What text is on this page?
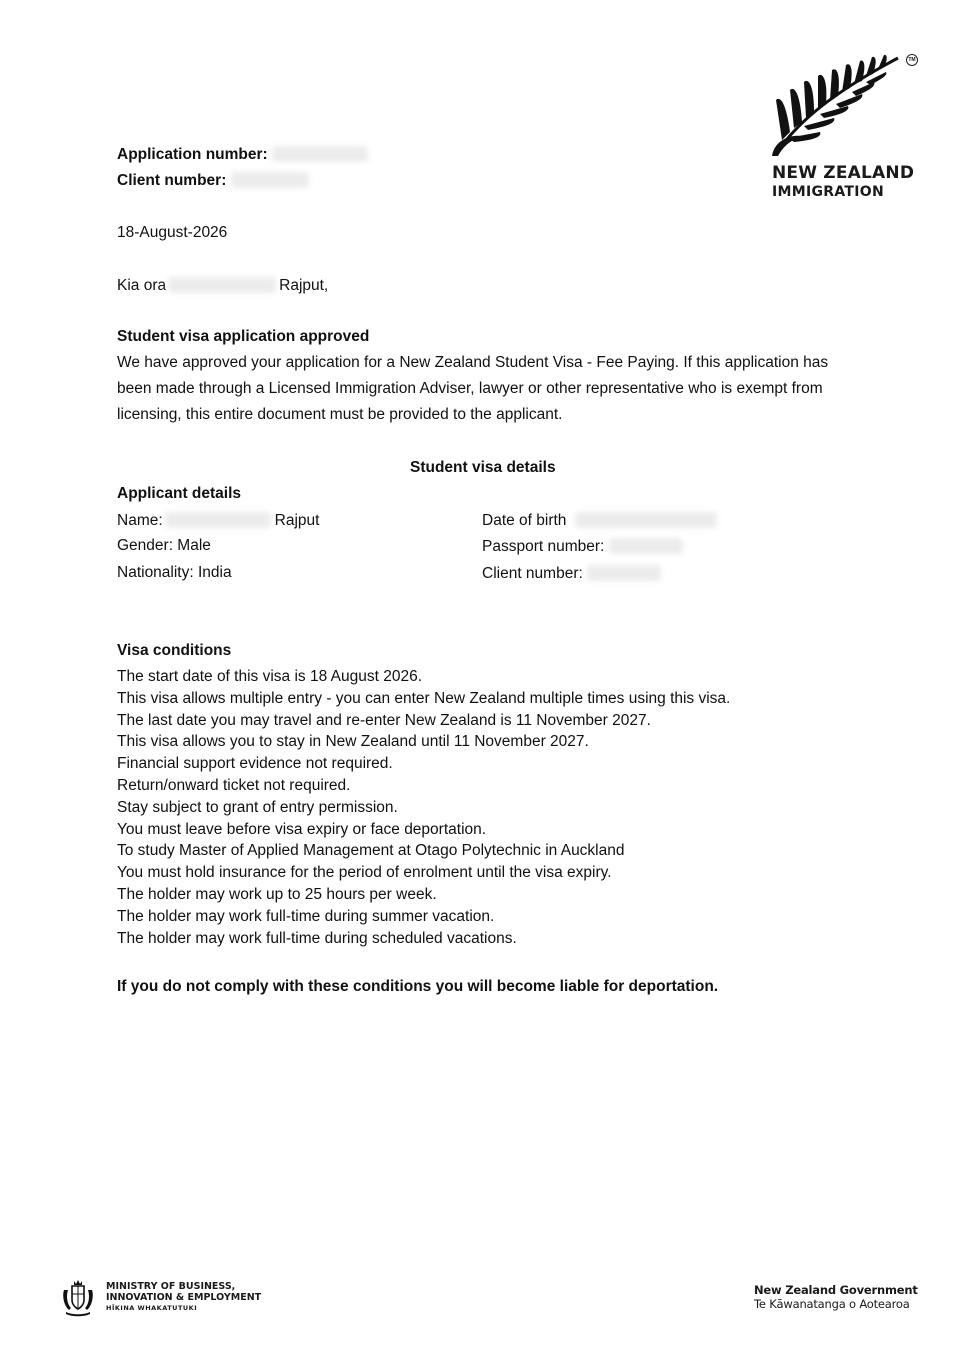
TM
NEW ZEALAND
IMMIGRATION
Application number:
Client number:
18-August-2026
Kia ora	Rajput,
Student visa application approved
We have approved your application for a New Zealand Student Visa - Fee Paying. If this application has been made through a Licensed Immigration Adviser, lawyer or other representative who is exempt from licensing, this entire document must be provided to the applicant.
Student visa details
Applicant details
Name:	Rajput
Gender: Male
Nationality: India
Date of birth
Passport number:
Client number:
Visa conditions
The start date of this visa is 18 August 2026.
This visa allows multiple entry - you can enter New Zealand multiple times using this visa.
The last date you may travel and re-enter New Zealand is 11 November 2027.
This visa allows you to stay in New Zealand until 11 November 2027.
Financial support evidence not required.
Return/onward ticket not required.
Stay subject to grant of entry permission.
You must leave before visa expiry or face deportation.
To study Master of Applied Management at Otago Polytechnic in Auckland
You must hold insurance for the period of enrolment until the visa expiry.
The holder may work up to 25 hours per week.
The holder may work full-time during summer vacation.
The holder may work full-time during scheduled vacations.
If you do not comply with these conditions you will become liable for deportation.
MINISTRY OF BUSINESS,
INNOVATION & EMPLOYMENT
HĪKINA WHAKATUTUKI
New Zealand Government
Te Kāwanatanga o Aotearoa
